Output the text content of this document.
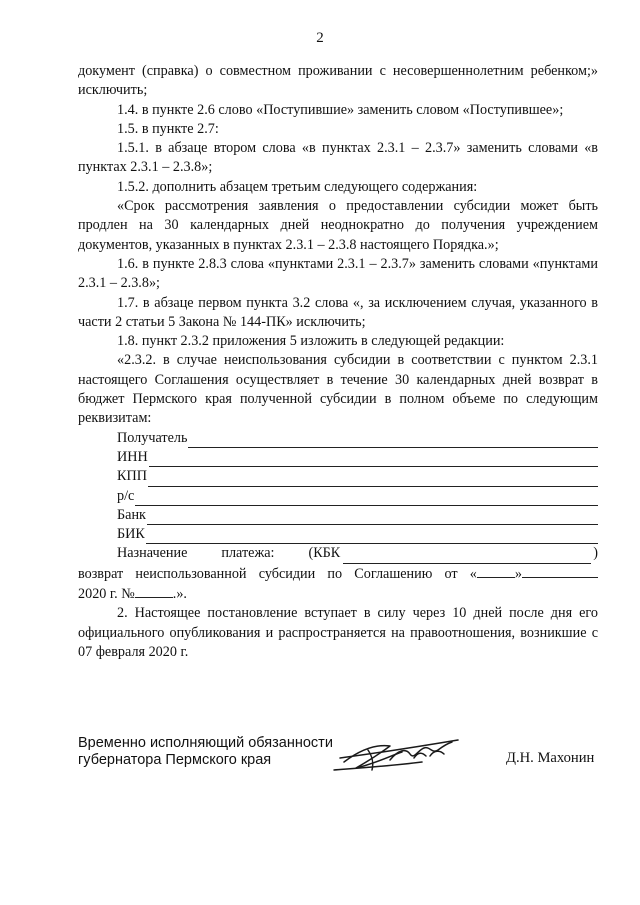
2

документ (справка) о совместном проживании с несовершеннолетним ребенком;» исключить;

1.4. в пункте 2.6 слово «Поступившие» заменить словом «Поступившее»;

1.5. в пункте 2.7:

1.5.1. в абзаце втором слова «в пунктах 2.3.1 – 2.3.7» заменить словами «в пунктах 2.3.1 – 2.3.8»;

1.5.2. дополнить абзацем третьим следующего содержания:

«Срок рассмотрения заявления о предоставлении субсидии может быть продлен на 30 календарных дней неоднократно до получения учреждением документов, указанных в пунктах 2.3.1 – 2.3.8 настоящего Порядка.»;

1.6. в пункте 2.8.3 слова «пунктами 2.3.1 – 2.3.7» заменить словами «пунктами 2.3.1 – 2.3.8»;

1.7. в абзаце первом пункта 3.2 слова «, за исключением случая, указанного в части 2 статьи 5 Закона № 144-ПК» исключить;

1.8. пункт 2.3.2 приложения 5 изложить в следующей редакции:

«2.3.2. в случае неиспользования субсидии в соответствии с пунктом 2.3.1 настоящего Соглашения осуществляет в течение 30 календарных дней возврат в бюджет Пермского края полученной субсидии в полном объеме по следующим реквизитам:

Получатель
ИНН
КПП
р/с
Банк
БИК
Назначение платежа: (КБК	)

возврат неиспользованной субсидии по Соглашению от «	»

2020 г. №	.».

2. Настоящее постановление вступает в силу через 10 дней после дня его официального опубликования и распространяется на правоотношения, возникшие с 07 февраля 2020 г.

Временно исполняющий обязанности
губернатора Пермского края	Д.Н. Махонин
